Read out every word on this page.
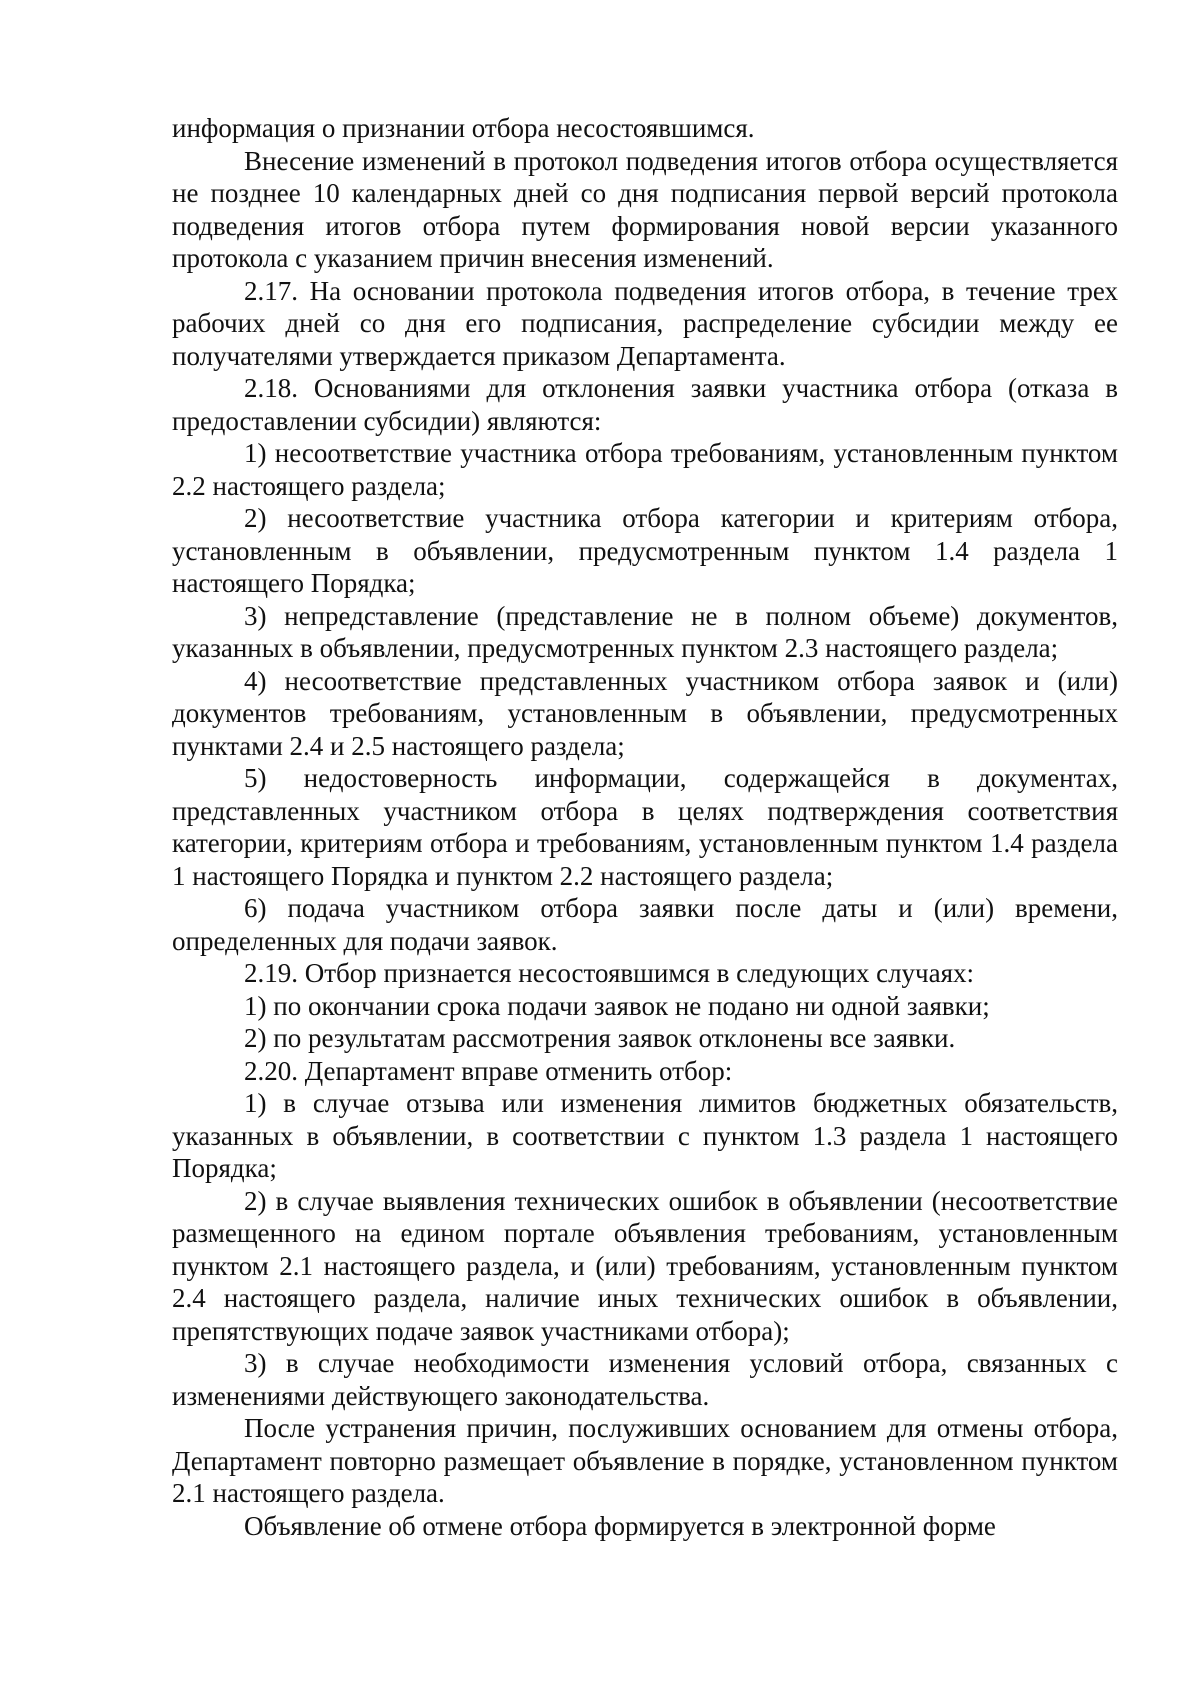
информация о признании отбора несостоявшимся.

Внесение изменений в протокол подведения итогов отбора осуществляется не позднее 10 календарных дней со дня подписания первой версий протокола подведения итогов отбора путем формирования новой версии указанного протокола с указанием причин внесения изменений.

2.17. На основании протокола подведения итогов отбора, в течение трех рабочих дней со дня его подписания, распределение субсидии между ее получателями утверждается приказом Департамента.

2.18. Основаниями для отклонения заявки участника отбора (отказа в предоставлении субсидии) являются:

1) несоответствие участника отбора требованиям, установленным пунктом 2.2 настоящего раздела;

2) несоответствие участника отбора категории и критериям отбора, установленным в объявлении, предусмотренным пунктом 1.4 раздела 1 настоящего Порядка;

3) непредставление (представление не в полном объеме) документов, указанных в объявлении, предусмотренных пунктом 2.3 настоящего раздела;

4) несоответствие представленных участником отбора заявок и (или) документов требованиям, установленным в объявлении, предусмотренных пунктами 2.4 и 2.5 настоящего раздела;

5) недостоверность информации, содержащейся в документах, представленных участником отбора в целях подтверждения соответствия категории, критериям отбора и требованиям, установленным пунктом 1.4 раздела 1 настоящего Порядка и пунктом 2.2 настоящего раздела;

6) подача участником отбора заявки после даты и (или) времени, определенных для подачи заявок.

2.19. Отбор признается несостоявшимся в следующих случаях:

1) по окончании срока подачи заявок не подано ни одной заявки;

2) по результатам рассмотрения заявок отклонены все заявки.

2.20. Департамент вправе отменить отбор:

1) в случае отзыва или изменения лимитов бюджетных обязательств, указанных в объявлении, в соответствии с пунктом 1.3 раздела 1 настоящего Порядка;

2) в случае выявления технических ошибок в объявлении (несоответствие размещенного на едином портале объявления требованиям, установленным пунктом 2.1 настоящего раздела, и (или) требованиям, установленным пунктом 2.4 настоящего раздела, наличие иных технических ошибок в объявлении, препятствующих подаче заявок участниками отбора);

3) в случае необходимости изменения условий отбора, связанных с изменениями действующего законодательства.

После устранения причин, послуживших основанием для отмены отбора, Департамент повторно размещает объявление в порядке, установленном пунктом 2.1 настоящего раздела.

Объявление об отмене отбора формируется в электронной форме
